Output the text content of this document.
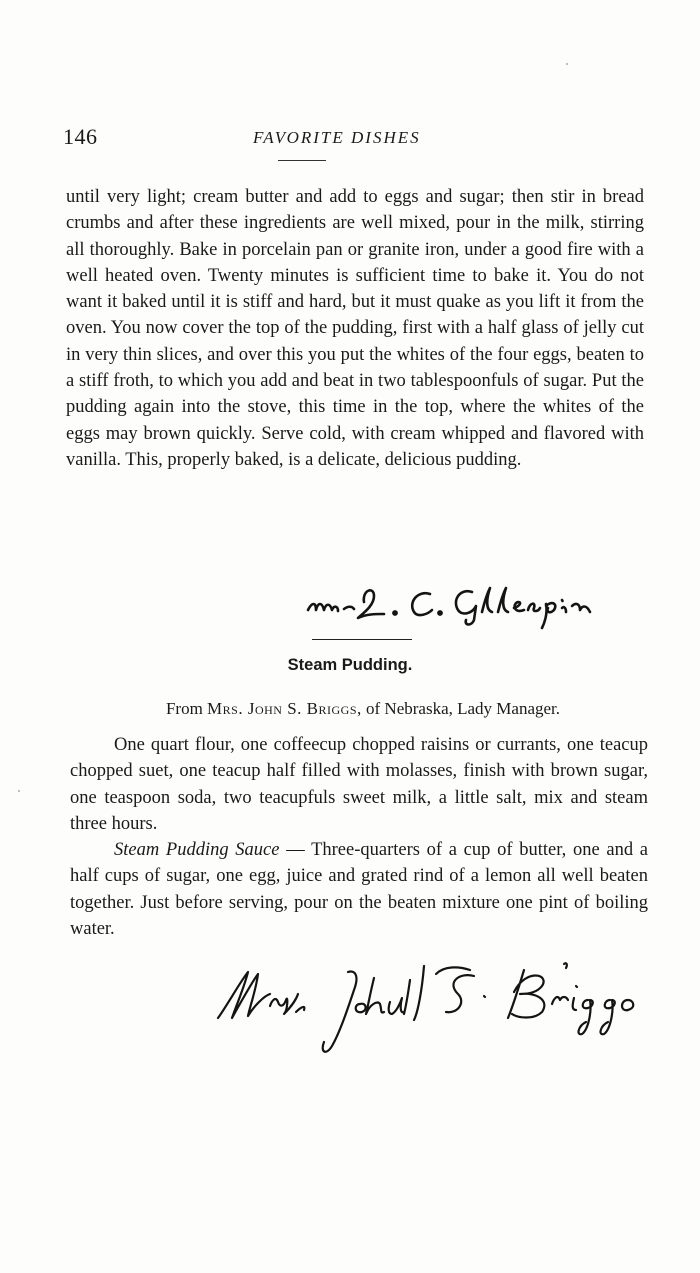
146	FAVORITE DISHES

until very light; cream butter and add to eggs and sugar; then stir in bread crumbs and after these ingredients are well mixed, pour in the milk, stirring all thoroughly. Bake in porcelain pan or granite iron, under a good fire with a well heated oven. Twenty minutes is sufficient time to bake it. You do not want it baked until it is stiff and hard, but it must quake as you lift it from the oven. You now cover the top of the pudding, first with a half glass of jelly cut in very thin slices, and over this you put the whites of the four eggs, beaten to a stiff froth, to which you add and beat in two tablespoonfuls of sugar. Put the pudding again into the stove, this time in the top, where the whites of the eggs may brown quickly. Serve cold, with cream whipped and flavored with vanilla. This, properly baked, is a delicate, delicious pudding.

Steam Pudding.
From Mrs. John S. Briggs, of Nebraska, Lady Manager.

One quart flour, one coffeecup chopped raisins or currants, one teacup chopped suet, one teacup half filled with molasses, finish with brown sugar, one teaspoon soda, two teacupfuls sweet milk, a little salt, mix and steam three hours.

Steam Pudding Sauce — Three-quarters of a cup of butter, one and a half cups of sugar, one egg, juice and grated rind of a lemon all well beaten together. Just before serving, pour on the beaten mixture one pint of boiling water.
